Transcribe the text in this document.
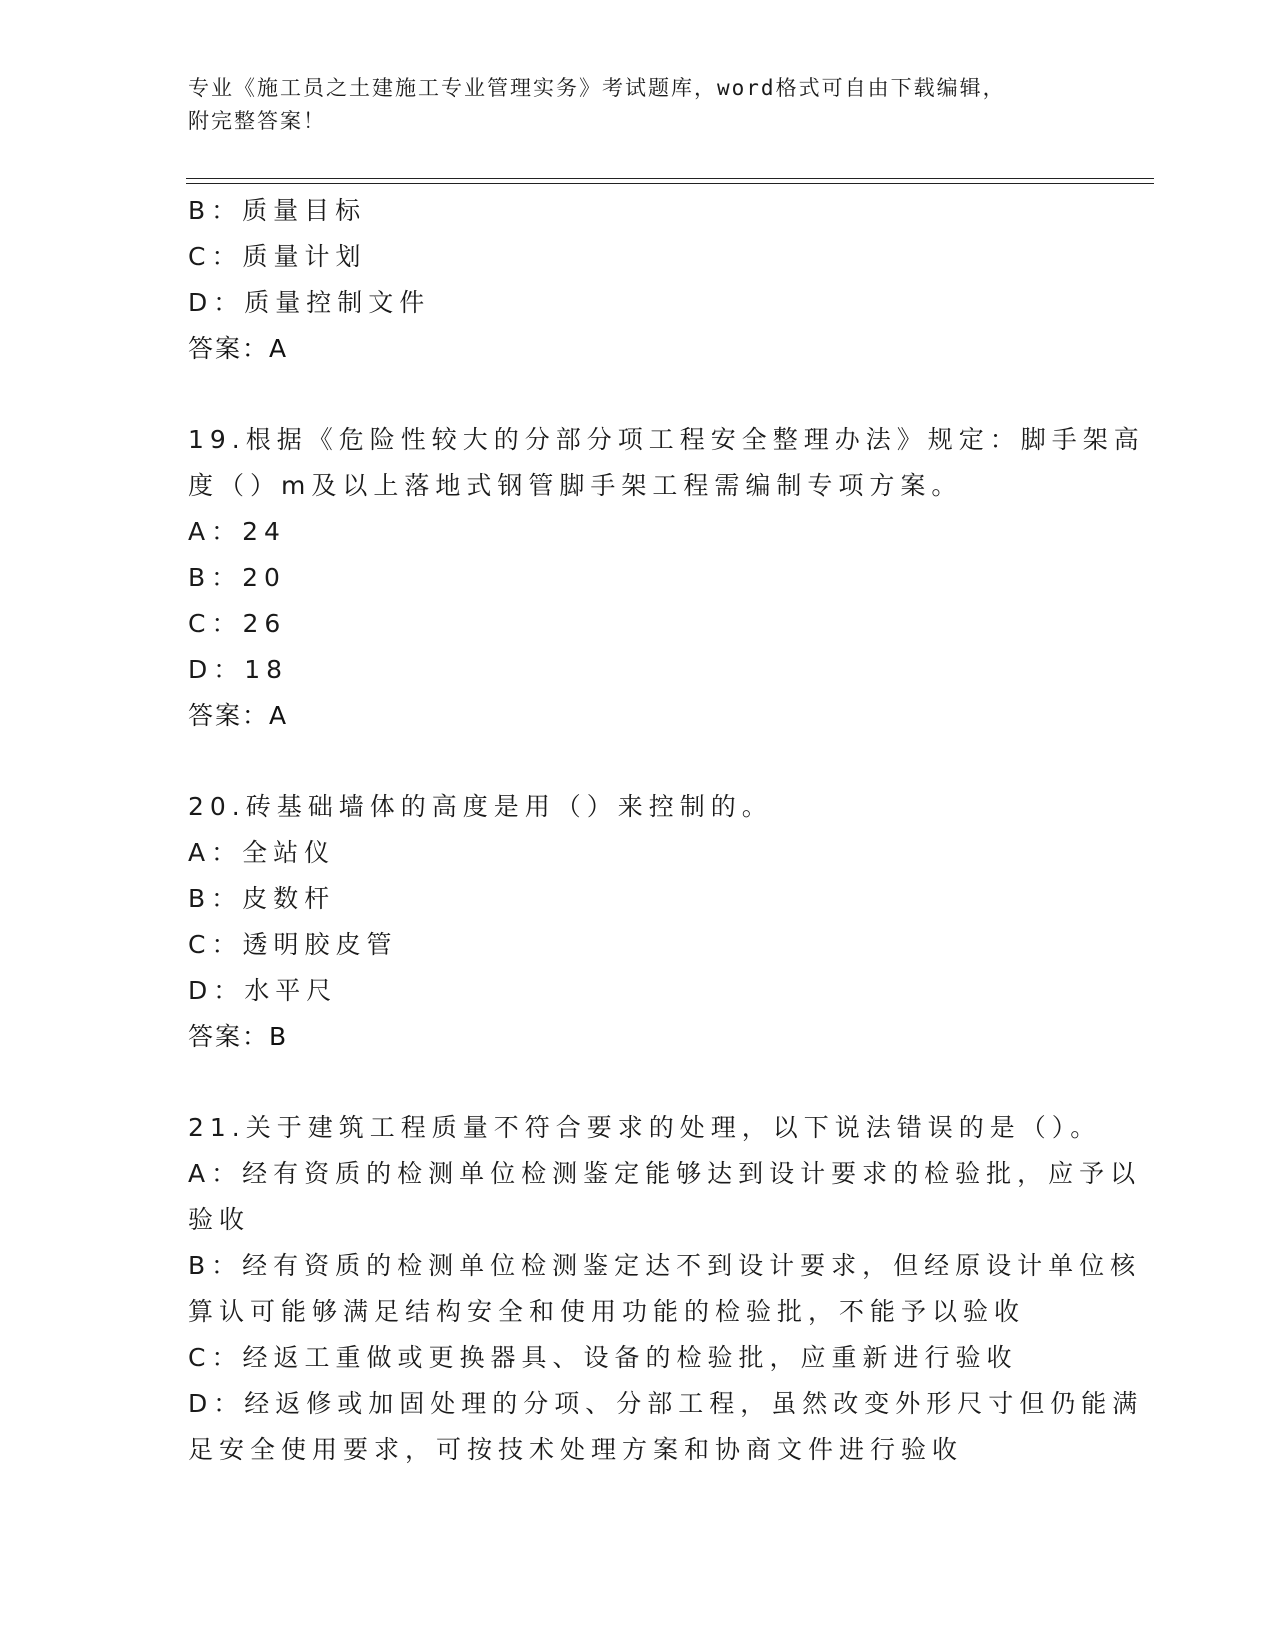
专业《施工员之土建施工专业管理实务》考试题库，word格式可自由下载编辑，
附完整答案！
B：质量目标
C：质量计划
D：质量控制文件
答案：A
19.根据《危险性较大的分部分项工程安全整理办法》规定：脚手架高
度（）m及以上落地式钢管脚手架工程需编制专项方案。
A：24
B：20
C：26
D：18
答案：A
20.砖基础墙体的高度是用（）来控制的。
A：全站仪
B：皮数杆
C：透明胶皮管
D：水平尺
答案：B
21.关于建筑工程质量不符合要求的处理，以下说法错误的是（）。
A：经有资质的检测单位检测鉴定能够达到设计要求的检验批，应予以
验收
B：经有资质的检测单位检测鉴定达不到设计要求，但经原设计单位核
算认可能够满足结构安全和使用功能的检验批，不能予以验收
C：经返工重做或更换器具、设备的检验批，应重新进行验收
D：经返修或加固处理的分项、分部工程，虽然改变外形尺寸但仍能满
足安全使用要求，可按技术处理方案和协商文件进行验收
